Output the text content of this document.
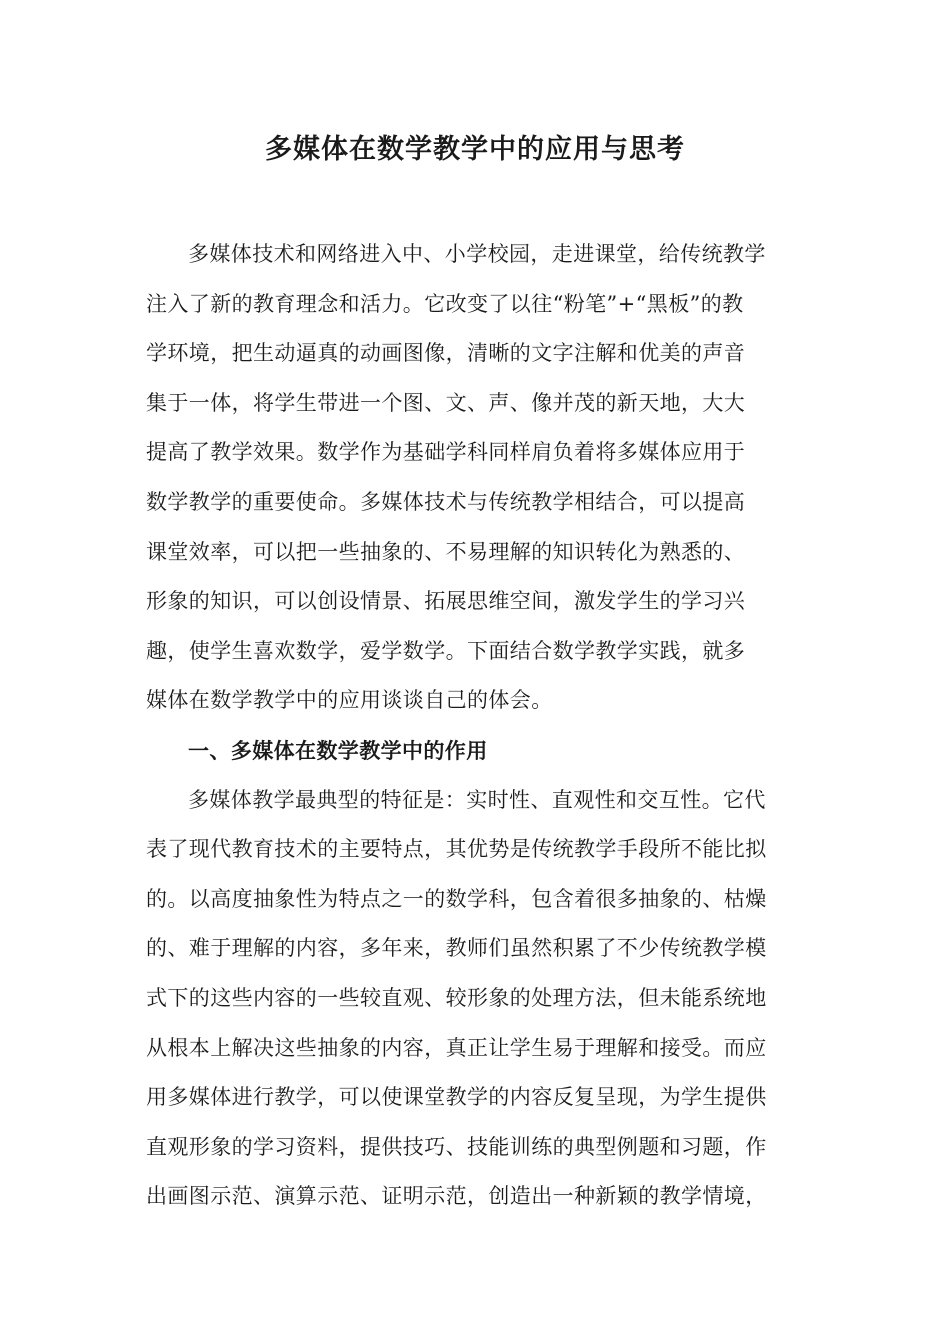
多媒体在数学教学中的应用与思考
多媒体技术和网络进入中、小学校园，走进课堂，给传统教学
注入了新的教育理念和活力。它改变了以往“粉笔”+“黑板”的教
学环境，把生动逼真的动画图像，清晰的文字注解和优美的声音
集于一体，将学生带进一个图、文、声、像并茂的新天地，大大
提高了教学效果。数学作为基础学科同样肩负着将多媒体应用于
数学教学的重要使命。多媒体技术与传统教学相结合，可以提高
课堂效率，可以把一些抽象的、不易理解的知识转化为熟悉的、
形象的知识，可以创设情景、拓展思维空间，激发学生的学习兴
趣，使学生喜欢数学，爱学数学。下面结合数学教学实践，就多
媒体在数学教学中的应用谈谈自己的体会。
一、多媒体在数学教学中的作用
多媒体教学最典型的特征是：实时性、直观性和交互性。它代
表了现代教育技术的主要特点，其优势是传统教学手段所不能比拟
的。以高度抽象性为特点之一的数学科，包含着很多抽象的、枯燥
的、难于理解的内容，多年来，教师们虽然积累了不少传统教学模
式下的这些内容的一些较直观、较形象的处理方法，但未能系统地
从根本上解决这些抽象的内容，真正让学生易于理解和接受。而应
用多媒体进行教学，可以使课堂教学的内容反复呈现，为学生提供
直观形象的学习资料，提供技巧、技能训练的典型例题和习题，作
出画图示范、演算示范、证明示范，创造出一种新颖的教学情境，
